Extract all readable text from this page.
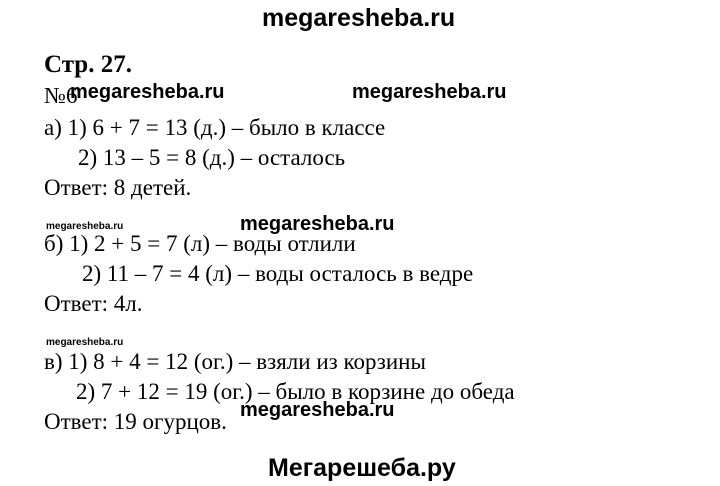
megaresheba.ru
Стр. 27.
№6
megaresheba.ru	megaresheba.ru
а) 1) 6 + 7 = 13 (д.) – было в классе
2) 13 – 5 = 8 (д.) – осталось
Ответ: 8 детей.
megaresheba.ru	megaresheba.ru
б) 1) 2 + 5 = 7 (л) – воды отлили
2) 11 – 7 = 4 (л) – воды осталось в ведре
Ответ: 4л.
megaresheba.ru
в) 1) 8 + 4 = 12 (ог.) – взяли из корзины
2) 7 + 12 = 19 (ог.) – было в корзине до обеда
Ответ: 19 огурцов. megaresheba.ru
Мегарешеба.ру
